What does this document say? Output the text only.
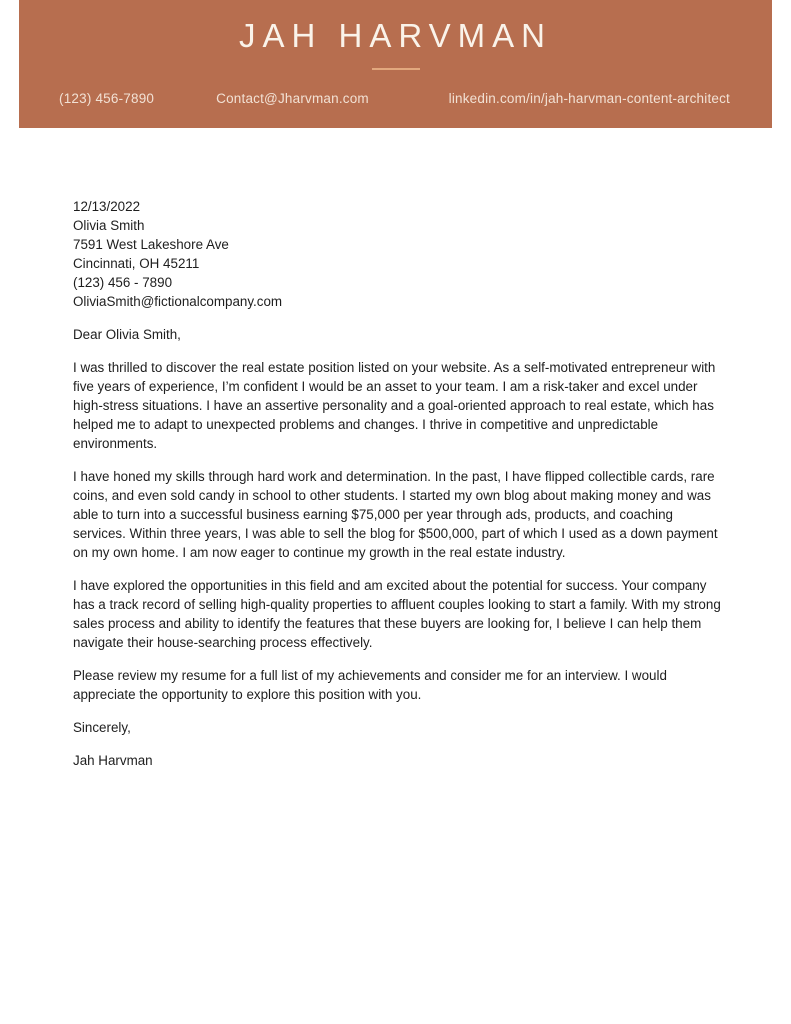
JAH HARVMAN
(123) 456-7890	Contact@Jharvman.com	linkedin.com/in/jah-harvman-content-architect
12/13/2022
Olivia Smith
7591 West Lakeshore Ave
Cincinnati, OH 45211
(123) 456 - 7890
OliviaSmith@fictionalcompany.com

Dear Olivia Smith,

I was thrilled to discover the real estate position listed on your website. As a self-motivated entrepreneur with five years of experience, I’m confident I would be an asset to your team. I am a risk-taker and excel under high-stress situations. I have an assertive personality and a goal-oriented approach to real estate, which has helped me to adapt to unexpected problems and changes. I thrive in competitive and unpredictable environments.

I have honed my skills through hard work and determination. In the past, I have flipped collectible cards, rare coins, and even sold candy in school to other students. I started my own blog about making money and was able to turn into a successful business earning $75,000 per year through ads, products, and coaching services. Within three years, I was able to sell the blog for $500,000, part of which I used as a down payment on my own home. I am now eager to continue my growth in the real estate industry.

I have explored the opportunities in this field and am excited about the potential for success. Your company has a track record of selling high-quality properties to affluent couples looking to start a family. With my strong sales process and ability to identify the features that these buyers are looking for, I believe I can help them navigate their house-searching process effectively.

Please review my resume for a full list of my achievements and consider me for an interview. I would appreciate the opportunity to explore this position with you.

Sincerely,

Jah Harvman
